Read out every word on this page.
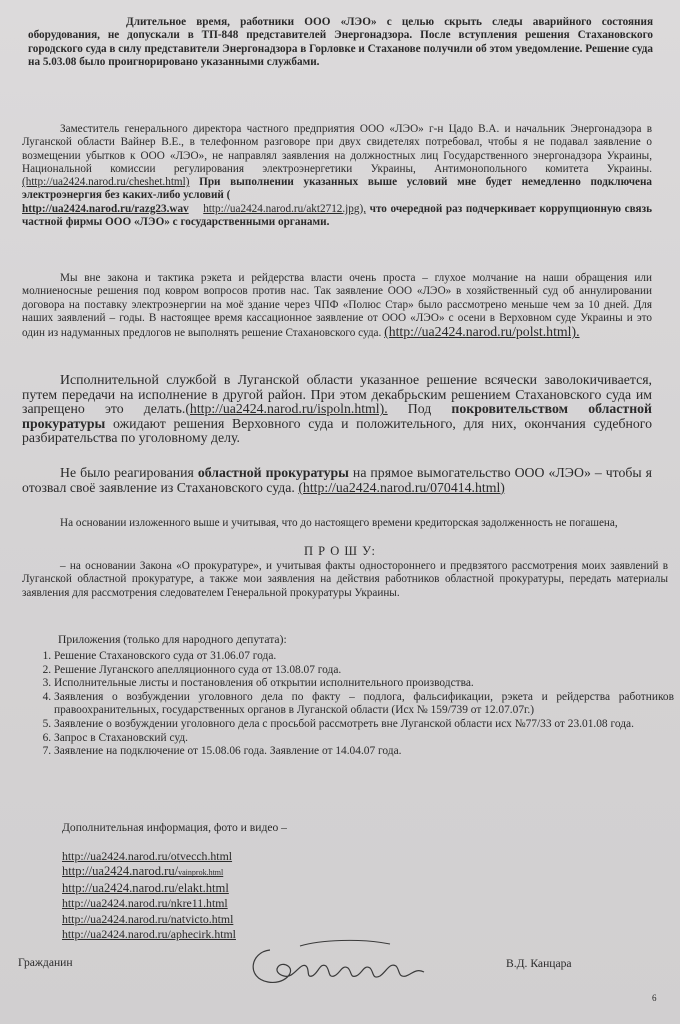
Длительное время, работники ООО «ЛЭО» с целью скрыть следы аварийного состояния оборудования, не допускали в ТП-848 представителей Энергонадзора. После вступления решения Стахановского городского суда в силу представители Энергонадзора в Горловке и Стаханове получили об этом уведомление. Решение суда на 5.03.08 было проигнорировано указанными службами.

Заместитель генерального директора частного предприятия ООО «ЛЭО» г-н Цадо В.А. и начальник Энергонадзора в Луганской области Вайнер В.Е., в телефонном разговоре при двух свидетелях потребовал, чтобы я не подавал заявление о возмещении убытков к ООО «ЛЭО», не направлял заявления на должностных лиц Государственного энергонадзора Украины, Национальной комиссии регулирования электроэнергетики Украины, Антимонопольного комитета Украины. (http://ua2424.narod.ru/cheshet.html) При выполнении указанных выше условий мне будет немедленно подключена электроэнергия без каких-либо условий (
http://ua2424.narod.ru/razg23.wav http://ua2424.narod.ru/akt2712.jpg), что очередной раз подчеркивает коррупционную связь частной фирмы ООО «ЛЭО» с государственными органами.

Мы вне закона и тактика рэкета и рейдерства власти очень проста – глухое молчание на наши обращения или молниеносные решения под ковром вопросов против нас. Так заявление ООО «ЛЭО» в хозяйственный суд об аннулировании договора на поставку электроэнергии на моё здание через ЧПФ «Полюс Стар» было рассмотрено меньше чем за 10 дней. Для наших заявлений – годы. В настоящее время кассационное заявление от ООО «ЛЭО» с осени в Верховном суде Украины и это один из надуманных предлогов не выполнять решение Стахановского суда. (http://ua2424.narod.ru/polst.html).

Исполнительной службой в Луганской области указанное решение всячески заволокичивается, путем передачи на исполнение в другой район. При этом декабрьским решением Стахановского суда им запрещено это делать.(http://ua2424.narod.ru/ispoln.html). Под покровительством областной прокуратуры ожидают решения Верховного суда и положительного, для них, окончания судебного разбирательства по уголовному делу.

Не было реагирования областной прокуратуры на прямое вымогательство ООО «ЛЭО» – чтобы я отозвал своё заявление из Стахановского суда. (http://ua2424.narod.ru/070414.html)

На основании изложенного выше и учитывая, что до настоящего времени кредиторская задолженность не погашена,

П Р О Ш У:

– на основании Закона «О прокуратуре», и учитывая факты одностороннего и предвзятого рассмотрения моих заявлений в Луганской областной прокуратуре, а также мои заявления на действия работников областной прокуратуры, передать материалы заявления для рассмотрения следователем Генеральной прокуратуры Украины.

Приложения (только для народного депутата):

1. Решение Стахановского суда от 31.06.07 года.
2. Решение Луганского апелляционного суда от 13.08.07 года.
3. Исполнительные листы и постановления об открытии исполнительного производства.
4. Заявления о возбуждении уголовного дела по факту – подлога, фальсификации, рэкета и рейдерства работников правоохранительных, государственных органов в Луганской области (Исх № 159/739 от 12.07.07г.)
5. Заявление о возбуждении уголовного дела с просьбой рассмотреть вне Луганской области исх №77/33 от 23.01.08 года.
6. Запрос в Стахановский суд.
7. Заявление на подключение от 15.08.06 года. Заявление от 14.04.07 года.

Дополнительная информация, фото и видео –

http://ua2424.narod.ru/otvecch.html
http://ua2424.narod.ru/vainprok.html
http://ua2424.narod.ru/elakt.html
http://ua2424.narod.ru/nkre11.html
http://ua2424.narod.ru/natvicto.html
http://ua2424.narod.ru/aphecirk.html
Гражданин	В.Д. Канцара
6
